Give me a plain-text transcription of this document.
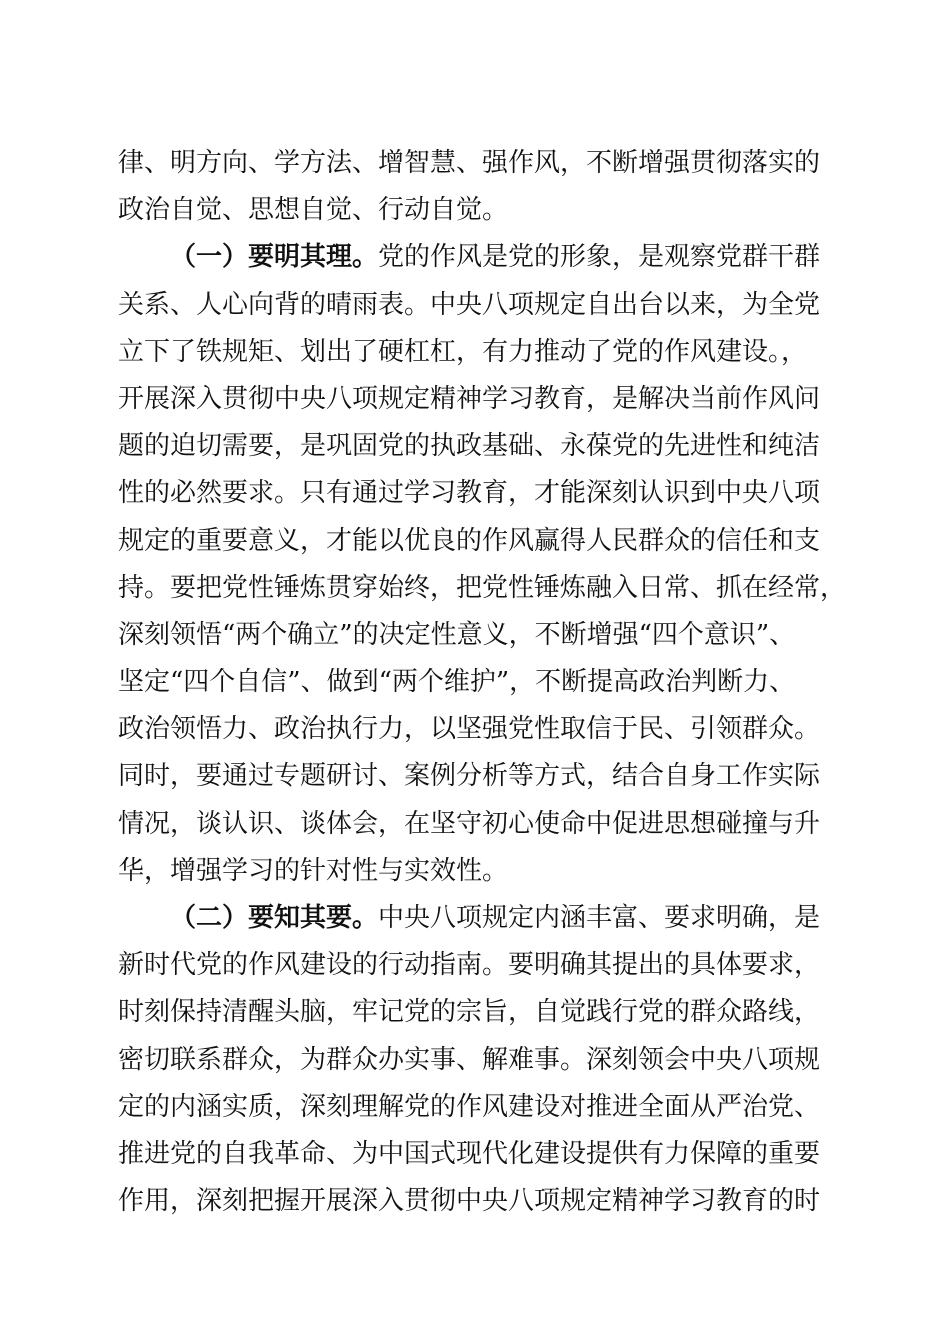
律、明方向、学方法、增智慧、强作风，不断增强贯彻落实的
政治自觉、思想自觉、行动自觉。
（一）要明其理。党的作风是党的形象，是观察党群干群
关系、人心向背的晴雨表。中央八项规定自出台以来，为全党
立下了铁规矩、划出了硬杠杠，有力推动了党的作风建设。，
开展深入贯彻中央八项规定精神学习教育，是解决当前作风问
题的迫切需要，是巩固党的执政基础、永葆党的先进性和纯洁
性的必然要求。只有通过学习教育，才能深刻认识到中央八项
规定的重要意义，才能以优良的作风赢得人民群众的信任和支
持。要把党性锤炼贯穿始终，把党性锤炼融入日常、抓在经常，
深刻领悟“两个确立”的决定性意义，不断增强“四个意识”、
坚定“四个自信”、做到“两个维护”，不断提高政治判断力、
政治领悟力、政治执行力，以坚强党性取信于民、引领群众。
同时，要通过专题研讨、案例分析等方式，结合自身工作实际
情况，谈认识、谈体会，在坚守初心使命中促进思想碰撞与升
华，增强学习的针对性与实效性。
（二）要知其要。中央八项规定内涵丰富、要求明确，是
新时代党的作风建设的行动指南。要明确其提出的具体要求，
时刻保持清醒头脑，牢记党的宗旨，自觉践行党的群众路线，
密切联系群众，为群众办实事、解难事。深刻领会中央八项规
定的内涵实质，深刻理解党的作风建设对推进全面从严治党、
推进党的自我革命、为中国式现代化建设提供有力保障的重要
作用，深刻把握开展深入贯彻中央八项规定精神学习教育的时
